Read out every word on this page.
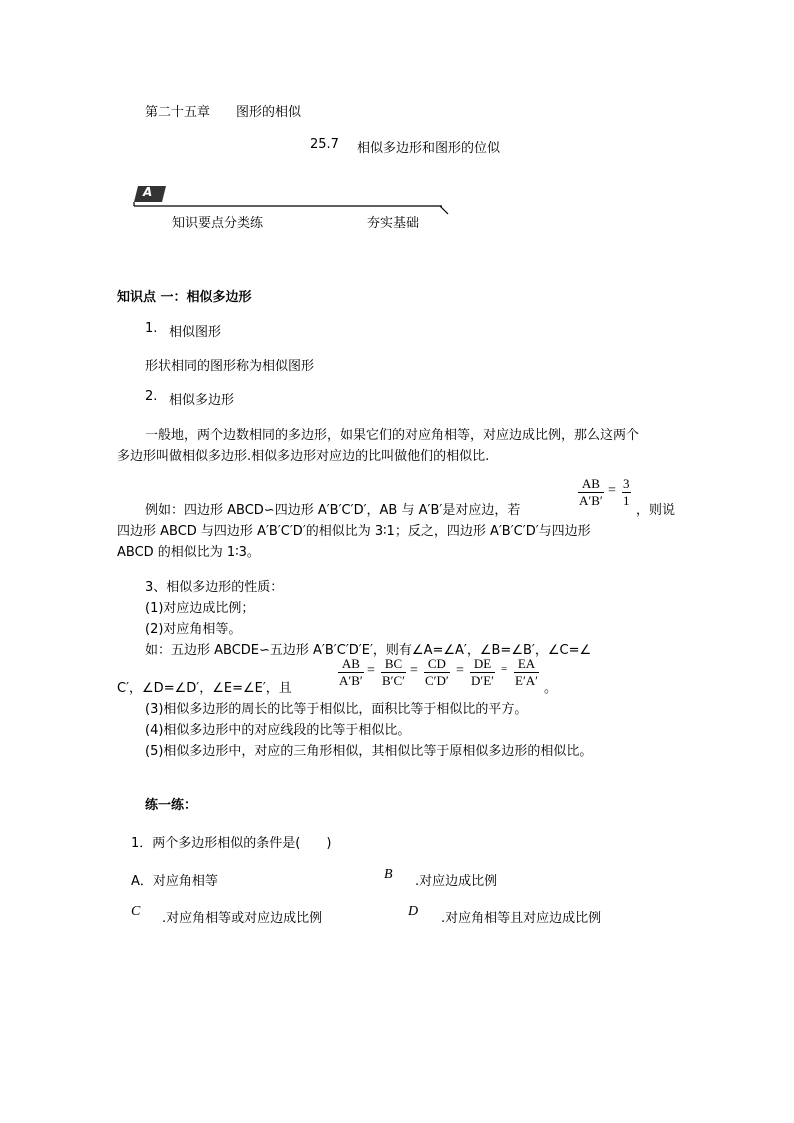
第二十五章 图形的相似
25.7 相似多边形和图形的位似
A
知识要点分类练	夯实基础
知识点 一：相似多边形
1. 相似图形
形状相同的图形称为相似图形
2. 相似多边形
一般地，两个边数相同的多边形，如果它们的对应角相等，对应边成比例，那么这两个
多边形叫做相似多边形.相似多边形对应边的比叫做他们的相似比.
例如：四边形 ABCD∽四边形 A′B′C′D′，AB 与 A′B′是对应边，若
$\frac{AB}{A'B'} = \frac{3}{1}$
，则说
四边形 ABCD 与四边形 A′B′C′D′的相似比为 3∶1；反之，四边形 A′B′C′D′与四边形
ABCD 的相似比为 1∶3。
3、相似多边形的性质：
(1)对应边成比例；
(2)对应角相等。
如：五边形 ABCDE∽五边形 A′B′C′D′E′，则有∠A=∠A′，∠B=∠B′，∠C=∠
C′，∠D=∠D′，∠E=∠E′，且	$\frac{AB}{A'B'} = \frac{BC}{B'C'} = \frac{CD}{C'D'} = \frac{DE}{D'E'} = \frac{EA}{E'A'}$ 。
(3)相似多边形的周长的比等于相似比，面积比等于相似比的平方。
(4)相似多边形中的对应线段的比等于相似比。
(5)相似多边形中，对应的三角形相似，其相似比等于原相似多边形的相似比。
练一练：
1．两个多边形相似的条件是(　　)
A．对应角相等	B .对应边成比例
C .对应角相等或对应边成比例	D .对应角相等且对应边成比例
